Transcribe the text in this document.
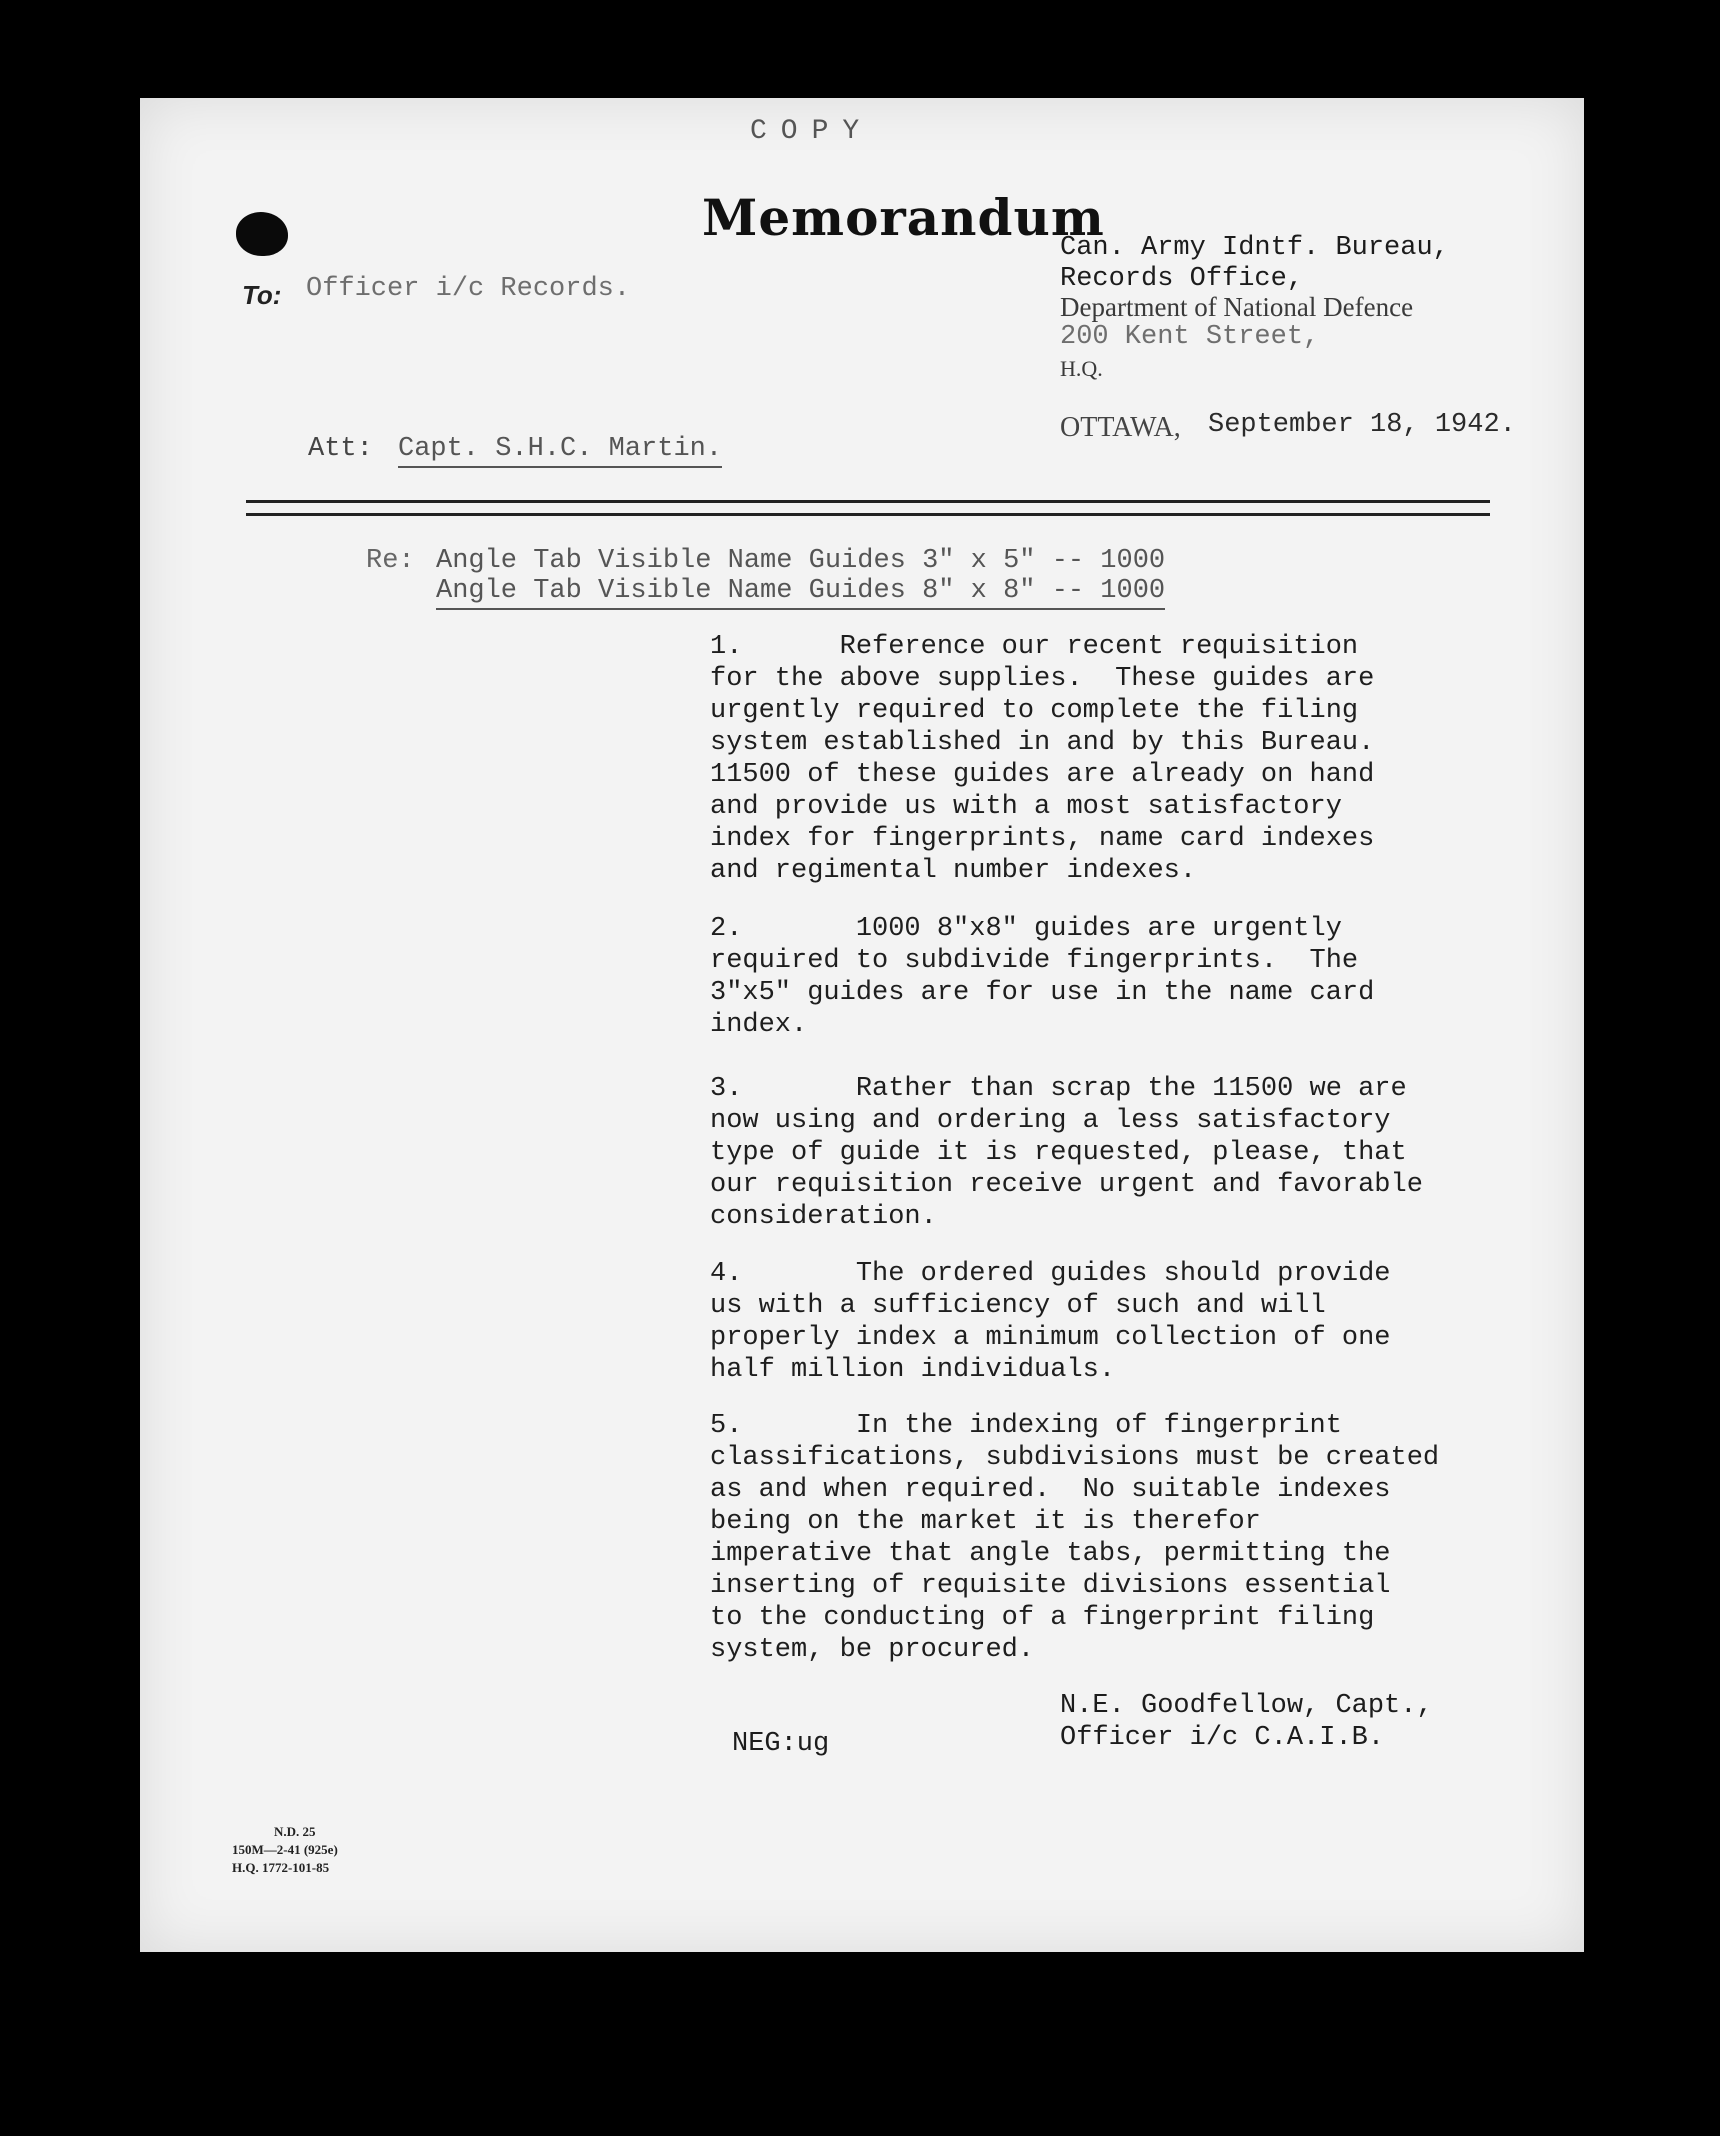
COPY
Memorandum
To: Officer i/c Records.
Can. Army Idntf. Bureau,
Records Office,
Department of National Defence
200 Kent Street,
H.Q.
Att: Capt. S.H.C. Martin.
OTTAWA, September 18, 1942.
Re: Angle Tab Visible Name Guides 3" x 5" -- 1000
Angle Tab Visible Name Guides 8" x 8" -- 1000
1.      Reference our recent requisition
for the above supplies.  These guides are
urgently required to complete the filing
system established in and by this Bureau.
11500 of these guides are already on hand
and provide us with a most satisfactory
index for fingerprints, name card indexes
and regimental number indexes.
2.       1000 8"x8" guides are urgently
required to subdivide fingerprints.  The
3"x5" guides are for use in the name card
index.
3.       Rather than scrap the 11500 we are
now using and ordering a less satisfactory
type of guide it is requested, please, that
our requisition receive urgent and favorable
consideration.
4.       The ordered guides should provide
us with a sufficiency of such and will
properly index a minimum collection of one
half million individuals.
5.       In the indexing of fingerprint
classifications, subdivisions must be created
as and when required.  No suitable indexes
being on the market it is therefor
imperative that angle tabs, permitting the
inserting of requisite divisions essential
to the conducting of a fingerprint filing
system, be procured.
N.E. Goodfellow, Capt.,
Officer i/c C.A.I.B.
NEG:ug
N.D. 25
150M—2-41 (925e)
H.Q. 1772-101-85
